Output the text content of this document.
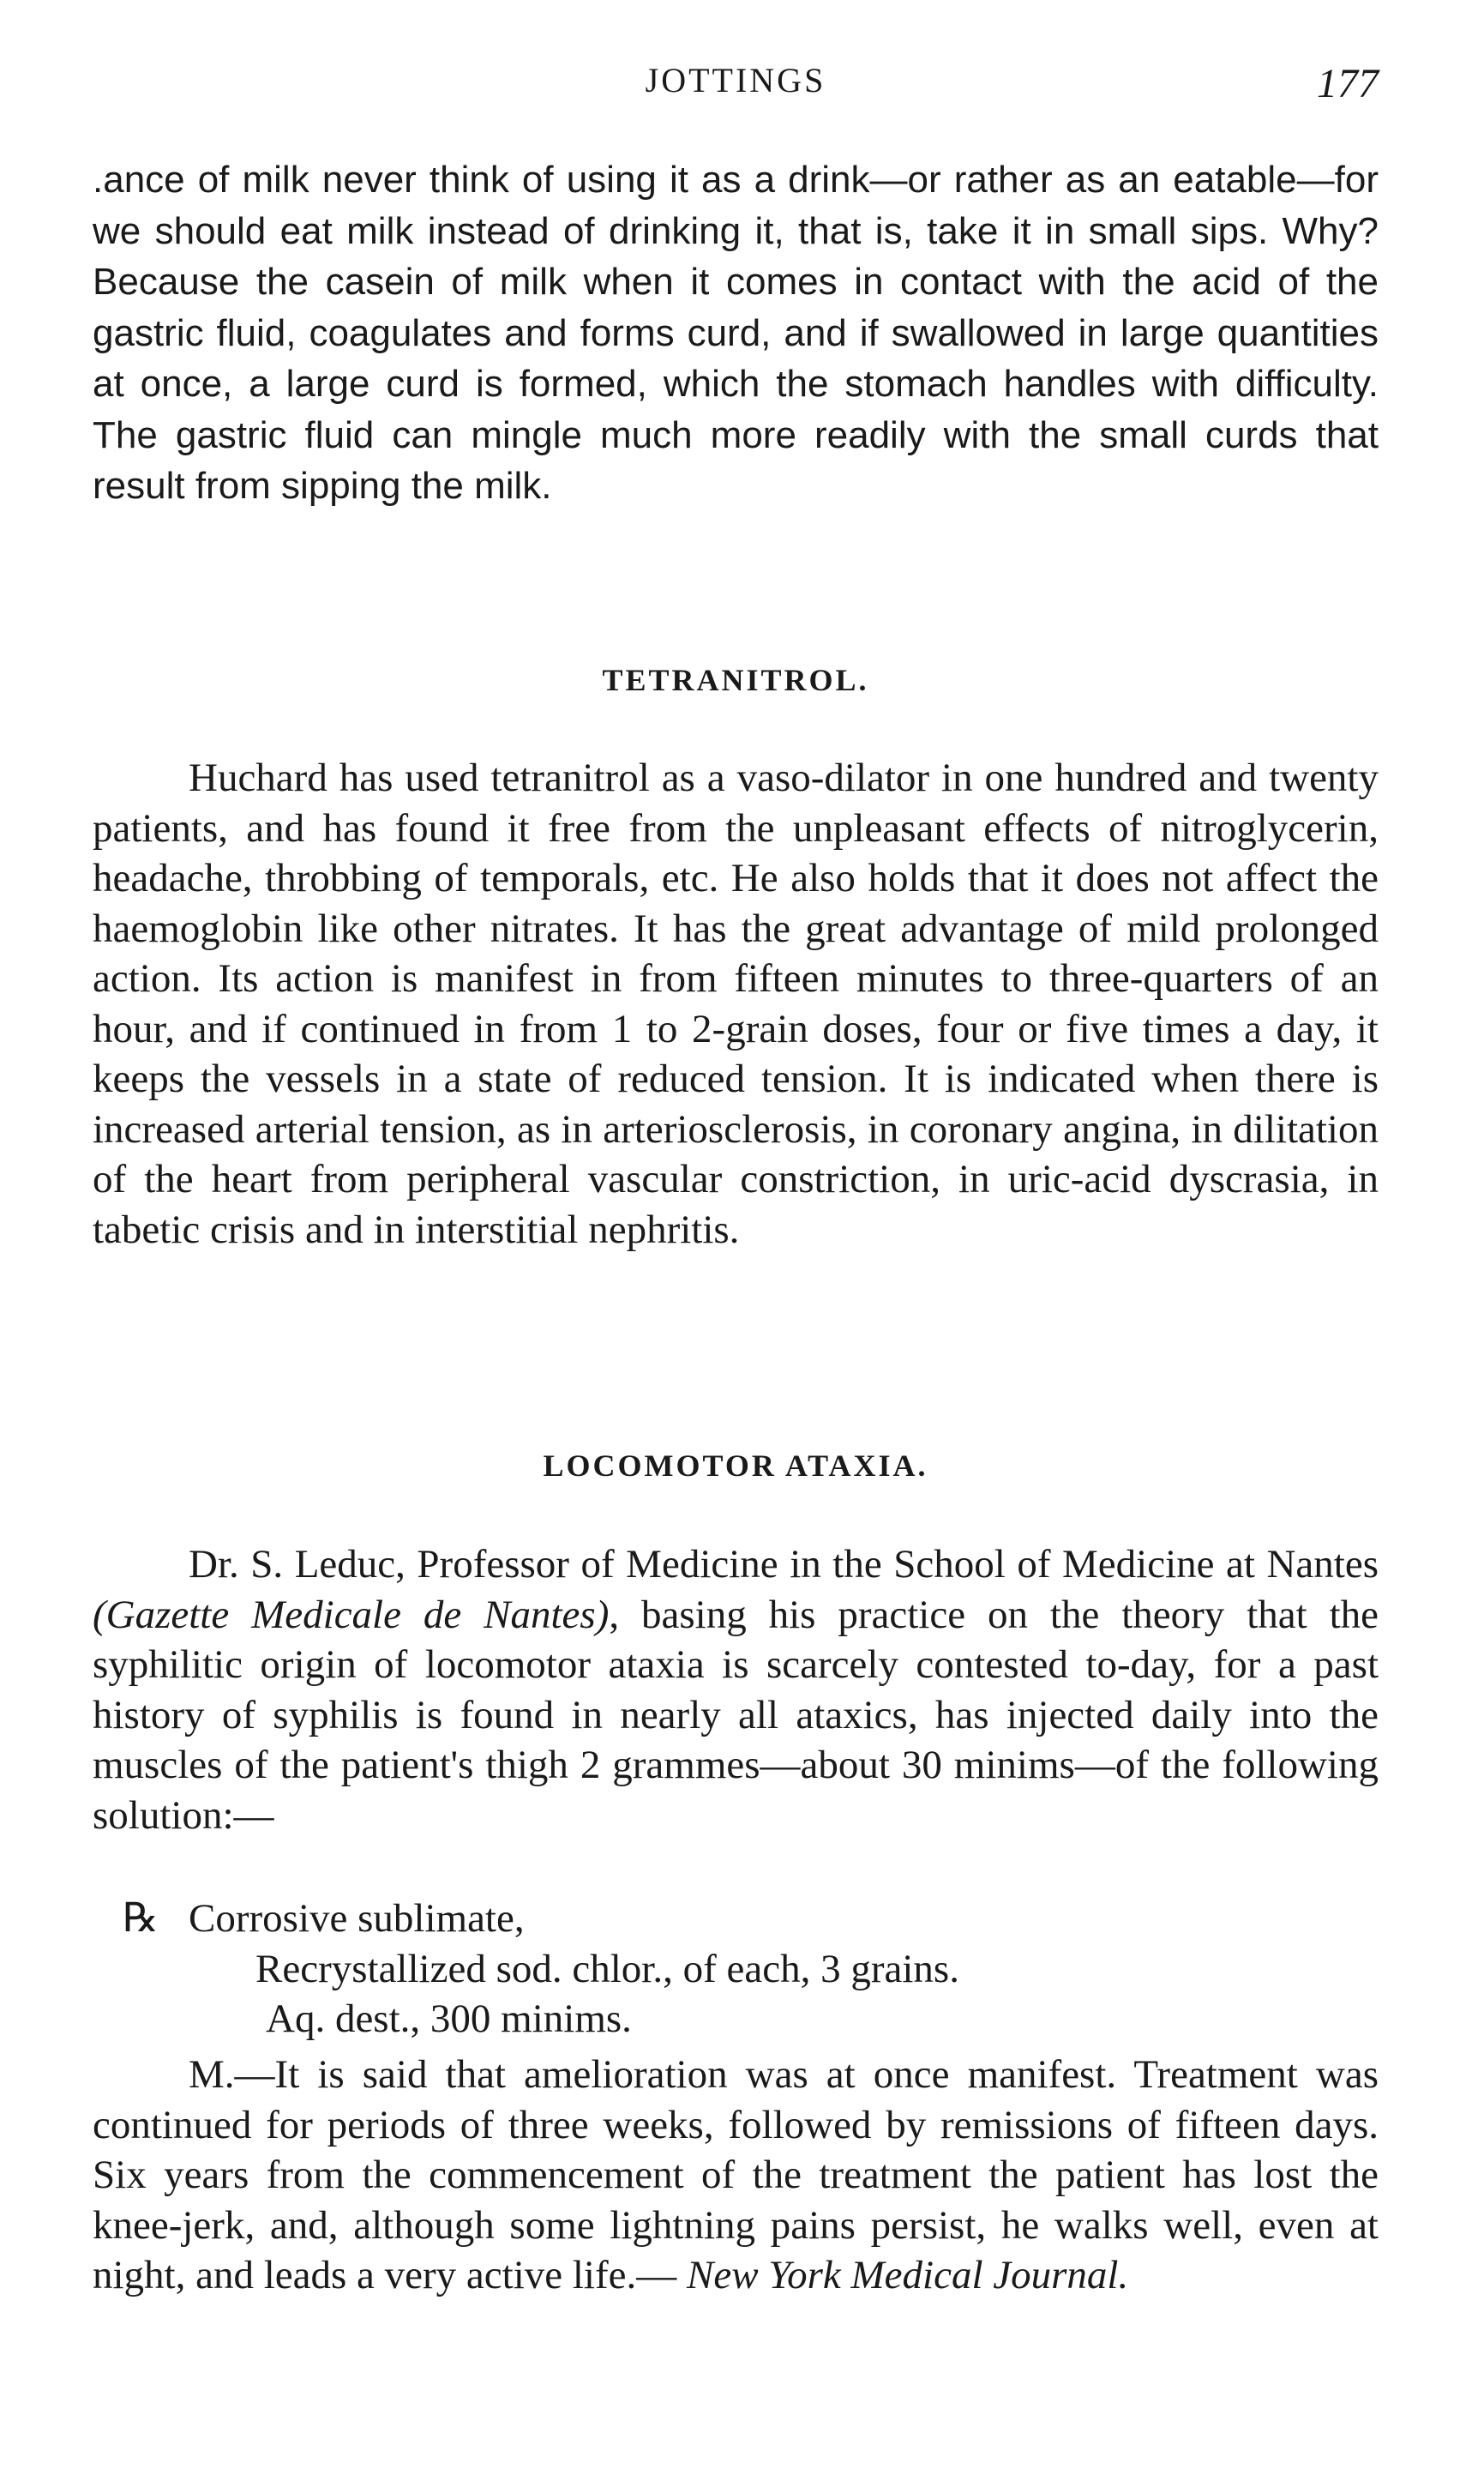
JOTTINGS	177

.ance of milk never think of using it as a drink—or rather as an eatable—for we should eat milk instead of drinking it, that is, take it in small sips. Why? Because the casein of milk when it comes in contact with the acid of the gastric fluid, coagulates and forms curd, and if swallowed in large quantities at once, a large curd is formed, which the stomach handles with difficulty. The gastric fluid can mingle much more readily with the small curds that result from sipping the milk.

TETRANITROL.

Huchard has used tetranitrol as a vaso-dilator in one hundred and twenty patients, and has found it free from the unpleasant effects of nitroglycerin, headache, throbbing of temporals, etc. He also holds that it does not affect the haemoglobin like other nitrates. It has the great advantage of mild prolonged action. Its action is manifest in from fifteen minutes to three-quarters of an hour, and if continued in from 1 to 2-grain doses, four or five times a day, it keeps the vessels in a state of reduced tension. It is indicated when there is increased arterial tension, as in arteriosclerosis, in coronary angina, in dilitation of the heart from peripheral vascular constriction, in uric-acid dyscrasia, in tabetic crisis and in interstitial nephritis.

LOCOMOTOR ATAXIA.

Dr. S. Leduc, Professor of Medicine in the School of Medicine at Nantes (Gazette Medicale de Nantes), basing his practice on the theory that the syphilitic origin of locomotor ataxia is scarcely contested to-day, for a past history of syphilis is found in nearly all ataxics, has injected daily into the muscles of the patient's thigh 2 grammes—about 30 minims—of the following solution:—

℞ Corrosive sublimate,
Recrystallized sod. chlor., of each, 3 grains.
Aq. dest., 300 minims.

M.—It is said that amelioration was at once manifest. Treatment was continued for periods of three weeks, followed by remissions of fifteen days. Six years from the commencement of the treatment the patient has lost the knee-jerk, and, although some lightning pains persist, he walks well, even at night, and leads a very active life.— New York Medical Journal.
